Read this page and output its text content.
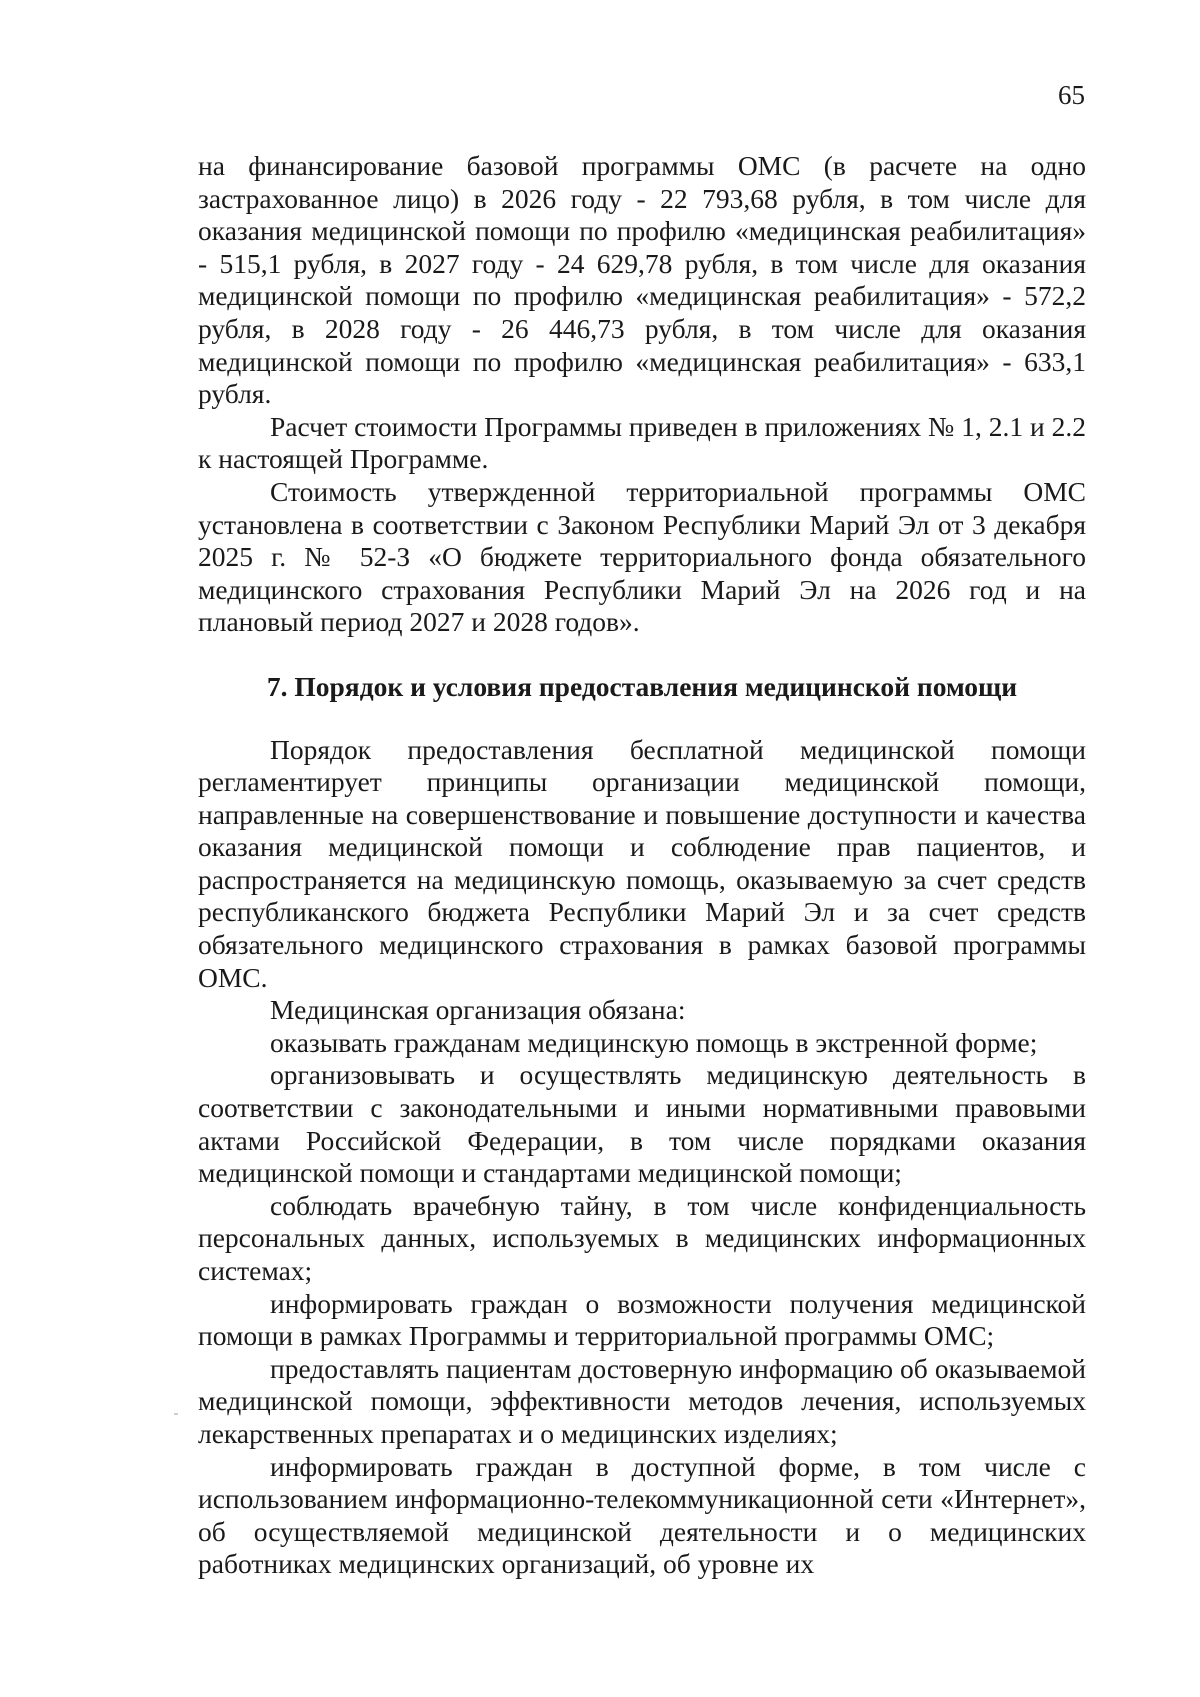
65

на финансирование базовой программы ОМС (в расчете на одно застрахованное лицо) в 2026 году - 22 793,68 рубля, в том числе для оказания медицинской помощи по профилю «медицинская реабилитация» - 515,1 рубля, в 2027 году - 24 629,78 рубля, в том числе для оказания медицинской помощи по профилю «медицинская реабилитация» - 572,2 рубля, в 2028 году - 26 446,73 рубля, в том числе для оказания медицинской помощи по профилю «медицинская реабилитация» - 633,1 рубля.

Расчет стоимости Программы приведен в приложениях № 1, 2.1 и 2.2 к настоящей Программе.

Стоимость утвержденной территориальной программы ОМС установлена в соответствии с Законом Республики Марий Эл от 3 декабря 2025 г. № 52-З «О бюджете территориального фонда обязательного медицинского страхования Республики Марий Эл на 2026 год и на плановый период 2027 и 2028 годов».

7. Порядок и условия предоставления медицинской помощи

Порядок предоставления бесплатной медицинской помощи регламентирует принципы организации медицинской помощи, направленные на совершенствование и повышение доступности и качества оказания медицинской помощи и соблюдение прав пациентов, и распространяется на медицинскую помощь, оказываемую за счет средств республиканского бюджета Республики Марий Эл и за счет средств обязательного медицинского страхования в рамках базовой программы ОМС.

Медицинская организация обязана:

оказывать гражданам медицинскую помощь в экстренной форме;

организовывать и осуществлять медицинскую деятельность в соответствии с законодательными и иными нормативными правовыми актами Российской Федерации, в том числе порядками оказания медицинской помощи и стандартами медицинской помощи;

соблюдать врачебную тайну, в том числе конфиденциальность персональных данных, используемых в медицинских информационных системах;

информировать граждан о возможности получения медицинской помощи в рамках Программы и территориальной программы ОМС;

предоставлять пациентам достоверную информацию об оказываемой медицинской помощи, эффективности методов лечения, используемых лекарственных препаратах и о медицинских изделиях;

информировать граждан в доступной форме, в том числе с использованием информационно-телекоммуникационной сети «Интернет», об осуществляемой медицинской деятельности и о медицинских работниках медицинских организаций, об уровне их
